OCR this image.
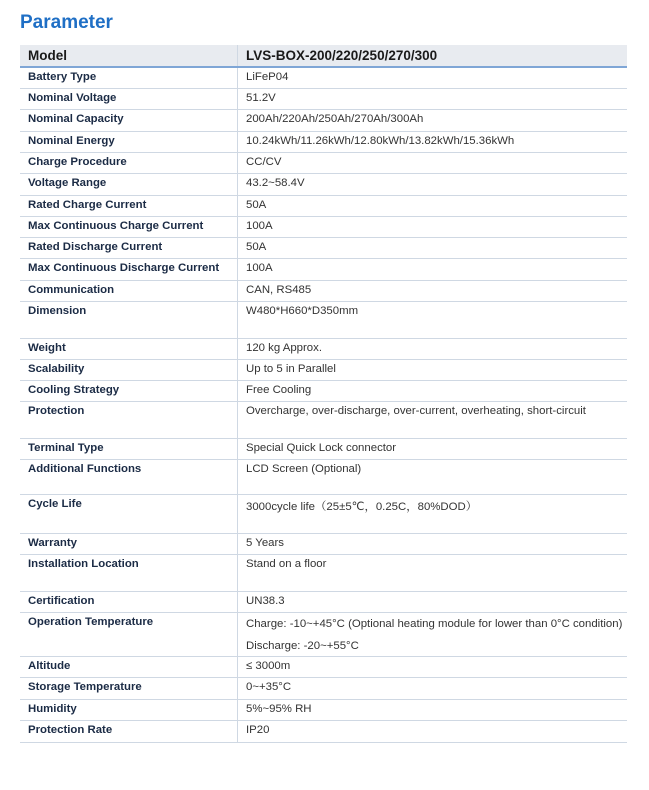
Parameter
Model	LVS-BOX-200/220/250/270/300
Battery Type	LiFeP04
Nominal Voltage	51.2V
Nominal Capacity	200Ah/220Ah/250Ah/270Ah/300Ah
Nominal Energy	10.24kWh/11.26kWh/12.80kWh/13.82kWh/15.36kWh
Charge Procedure	CC/CV
Voltage Range	43.2~58.4V
Rated Charge Current	50A
Max Continuous Charge Current	100A
Rated Discharge Current	50A
Max Continuous Discharge Current	100A
Communication	CAN, RS485
Dimension	W480*H660*D350mm
Weight	120 kg Approx.
Scalability	Up to 5 in Parallel
Cooling Strategy	Free Cooling
Protection	Overcharge, over-discharge, over-current, overheating, short-circuit
Terminal Type	Special Quick Lock connector
Additional Functions	LCD Screen (Optional)
Cycle Life	3000cycle life（25±5℃，0.25C，80%DOD）
Warranty	5 Years
Installation Location	Stand on a floor
Certification	UN38.3
Operation Temperature	Charge: -10~+45°C (Optional heating module for lower than 0°C condition) Discharge: -20~+55°C
Altitude	≤ 3000m
Storage Temperature	0~+35°C
Humidity	5%~95% RH
Protection Rate	IP20
